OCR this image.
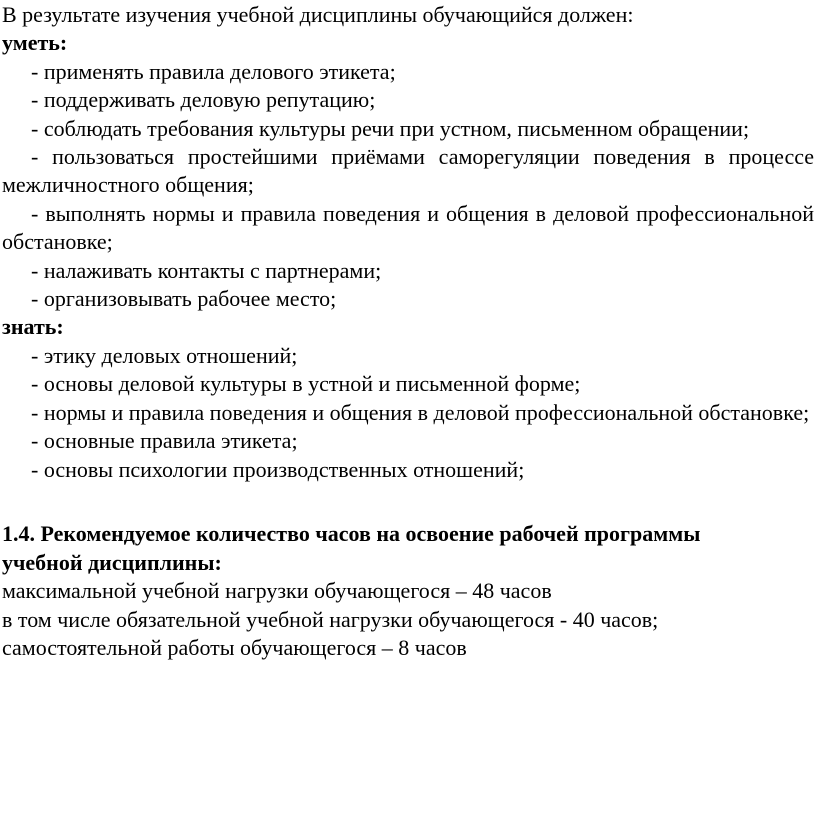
В результате изучения учебной дисциплины обучающийся должен:
уметь:
- применять правила делового этикета;
- поддерживать деловую репутацию;
- соблюдать требования культуры речи при устном, письменном обращении;
- пользоваться простейшими приёмами саморегуляции поведения в процессе межличностного общения;
- выполнять нормы и правила поведения и общения в деловой профессиональной обстановке;
- налаживать контакты с партнерами;
- организовывать рабочее место;
знать:
- этику деловых отношений;
- основы деловой культуры в устной и письменной форме;
- нормы и правила поведения и общения в деловой профессиональной обстановке;
- основные правила этикета;
- основы психологии производственных отношений;
1.4. Рекомендуемое количество часов на освоение рабочей программы
учебной дисциплины:
максимальной учебной нагрузки обучающегося – 48 часов
в том числе обязательной учебной нагрузки обучающегося - 40 часов;
самостоятельной работы обучающегося – 8 часов
